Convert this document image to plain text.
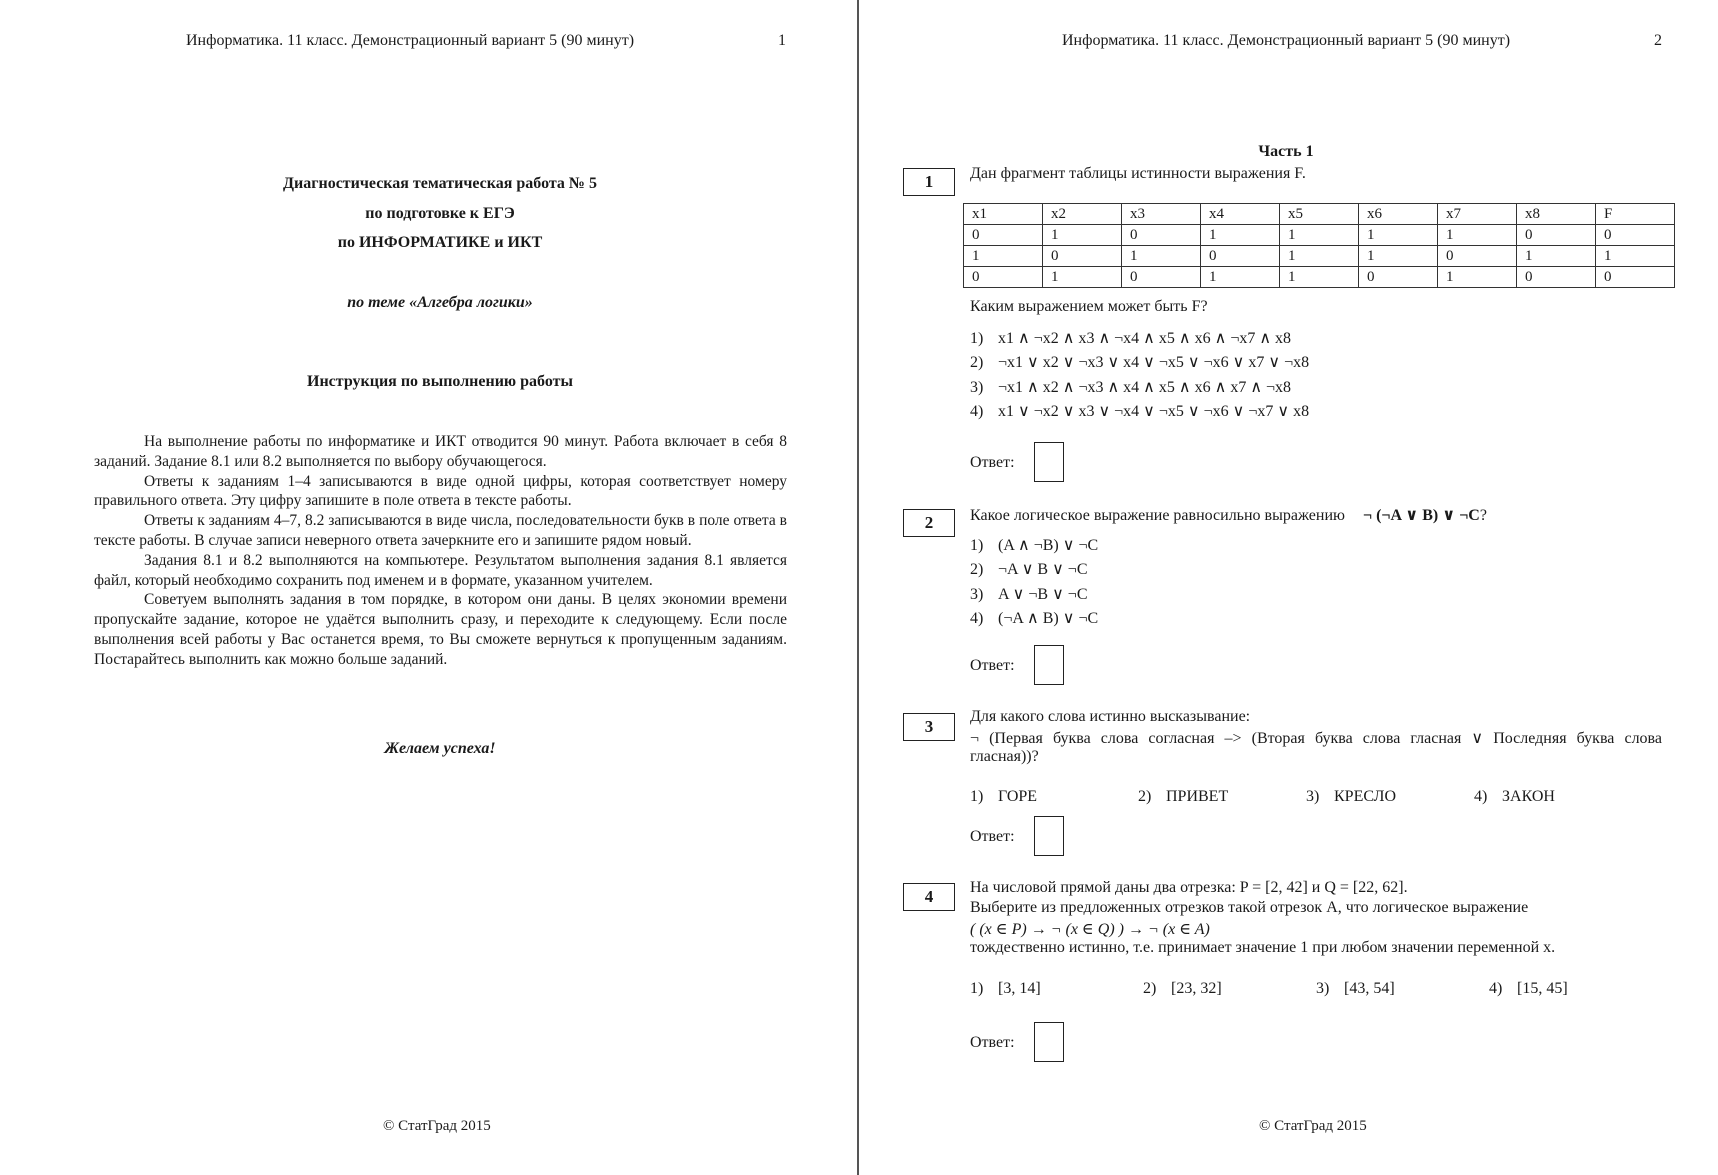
Информатика. 11 класс. Демонстрационный вариант 5 (90 минут)	1
Диагностическая тематическая работа № 5
по подготовке к ЕГЭ
по ИНФОРМАТИКЕ и ИКТ
по теме «Алгебра логики»
Инструкция по выполнению работы

На выполнение работы по информатике и ИКТ отводится 90 минут. Работа включает в себя 8 заданий. Задание 8.1 или 8.2 выполняется по выбору обучающегося.

Ответы к заданиям 1–4 записываются в виде одной цифры, которая соответствует номеру правильного ответа. Эту цифру запишите в поле ответа в тексте работы.

Ответы к заданиям 4–7, 8.2 записываются в виде числа, последовательности букв в поле ответа в тексте работы. В случае записи неверного ответа зачеркните его и запишите рядом новый.

Задания 8.1 и 8.2 выполняются на компьютере. Результатом выполнения задания 8.1 является файл, который необходимо сохранить под именем и в формате, указанном учителем.

Советуем выполнять задания в том порядке, в котором они даны. В целях экономии времени пропускайте задание, которое не удаётся выполнить сразу, и переходите к следующему. Если после выполнения всей работы у Вас останется время, то Вы сможете вернуться к пропущенным заданиям. Постарайтесь выполнить как можно больше заданий.

Желаем успеха!
© СтатГрад 2015
Информатика. 11 класс. Демонстрационный вариант 5 (90 минут)	2
Часть 1
1	Дан фрагмент таблицы истинности выражения F.
x1	x2	x3	x4	x5	x6	x7	x8	F
0	1	0	1	1	1	1	0	0
1	0	1	0	1	1	0	1	1
0	1	0	1	1	0	1	0	0
Каким выражением может быть F?
1) x1 ∧ ¬x2 ∧ x3 ∧ ¬x4 ∧ x5 ∧ x6 ∧ ¬x7 ∧ x8
2) ¬x1 ∨ x2 ∨ ¬x3 ∨ x4 ∨ ¬x5 ∨ ¬x6 ∨ x7 ∨ ¬x8
3) ¬x1 ∧ x2 ∧ ¬x3 ∧ x4 ∧ x5 ∧ x6 ∧ x7 ∧ ¬x8
4) x1 ∨ ¬x2 ∨ x3 ∨ ¬x4 ∨ ¬x5 ∨ ¬x6 ∨ ¬x7 ∨ x8
Ответ:
2	Какое логическое выражение равносильно выражению ¬ (¬A ∨ B) ∨ ¬C?
1) (A ∧ ¬B) ∨ ¬C
2) ¬A ∨ B ∨ ¬C
3) A ∨ ¬B ∨ ¬C
4) (¬A ∧ B) ∨ ¬C
Ответ:
3
Для какого слова истинно высказывание:
¬ (Первая буква слова согласная –> (Вторая буква слова гласная ∨ Последняя буква слова
гласная))?
1) ГОРЕ	2) ПРИВЕТ	3) КРЕСЛО	4) ЗАКОН
Ответ:
4	На числовой прямой даны два отрезка: P = [2, 42] и Q = [22, 62].
Выберите из предложенных отрезков такой отрезок A, что логическое выражение
( (x ∈ P) → ¬ (x ∈ Q) ) → ¬ (x ∈ A)
тождественно истинно, т.е. принимает значение 1 при любом значении переменной x.
1) [3, 14]	2) [23, 32]	3) [43, 54]	4) [15, 45]
Ответ:
© СтатГрад 2015
